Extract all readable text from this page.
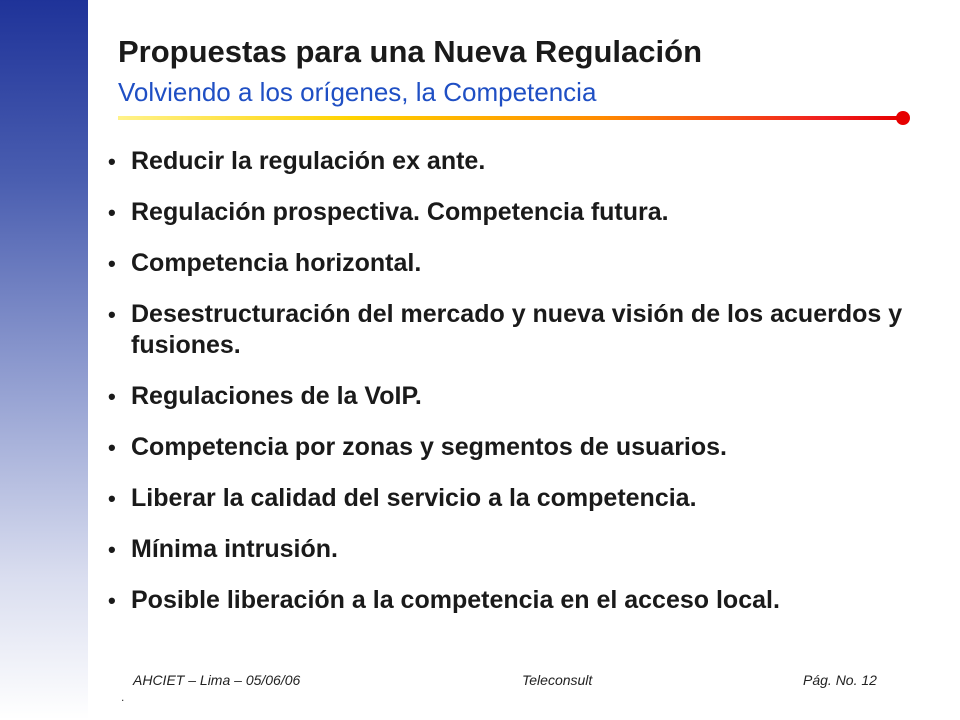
Propuestas para una Nueva Regulación
Volviendo a los orígenes, la Competencia
• Reducir la regulación ex ante.
• Regulación prospectiva. Competencia futura.
• Competencia horizontal.
• Desestructuración del mercado y nueva visión de los acuerdos y fusiones.
• Regulaciones de la VoIP.
• Competencia por zonas y segmentos de usuarios.
• Liberar la calidad del servicio a la competencia.
• Mínima intrusión.
• Posible liberación a la competencia en el acceso local.
AHCIET – Lima – 05/06/06	Teleconsult	Pág. No. 12
.
